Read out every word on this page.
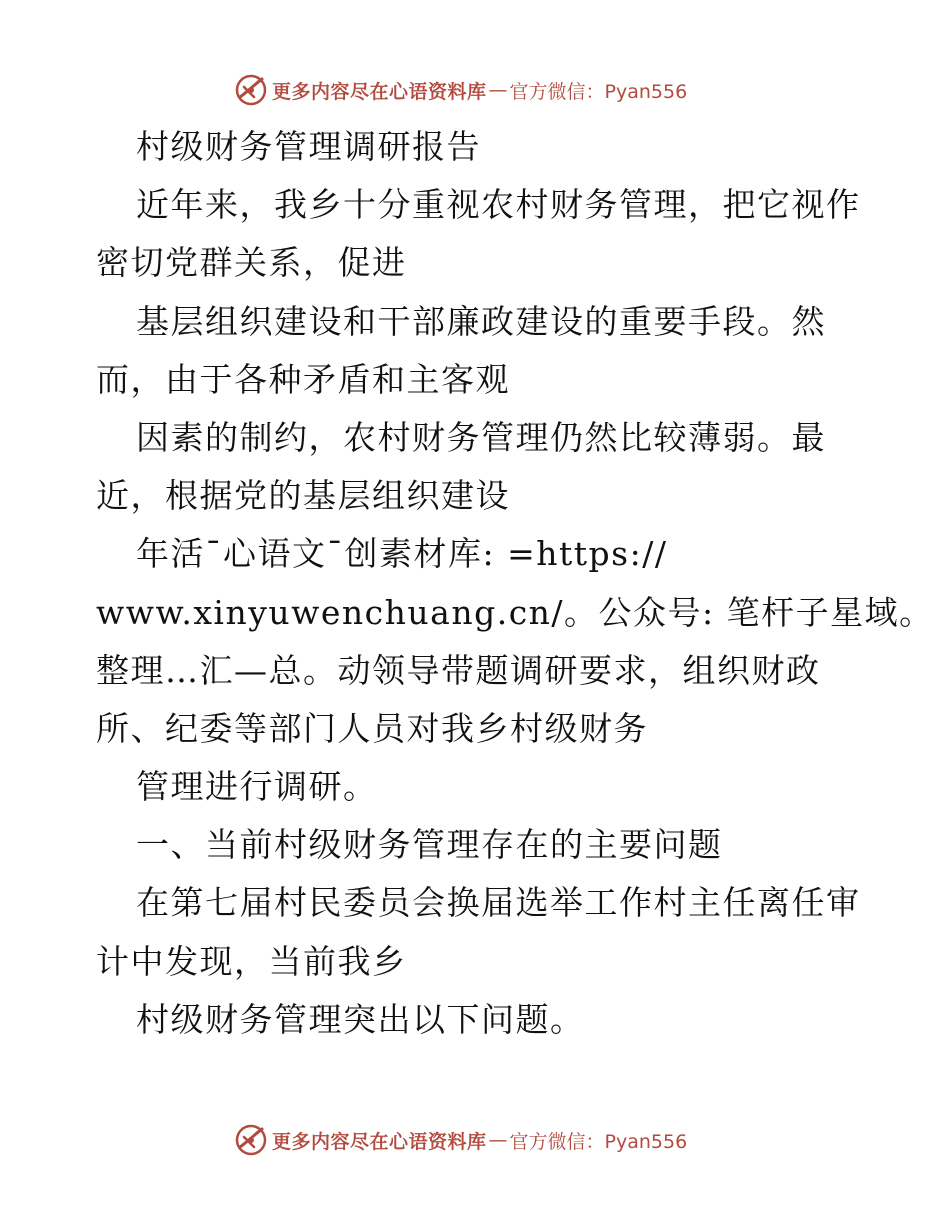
更多内容尽在心语资料库 — 官方微信：Pyan556
村级财务管理调研报告
近年来，我乡十分重视农村财务管理，把它视作
密切党群关系，促进
基层组织建设和干部廉政建设的重要手段。然
而，由于各种矛盾和主客观
因素的制约，农村财务管理仍然比较薄弱。最
近，根据党的基层组织建设
年活¯心语文¯创素材库: =https://
www.xinyuwenchuang.cn/。公众号: 笔杆子星域。
整理…汇—总。动领导带题调研要求，组织财政
所、纪委等部门人员对我乡村级财务
管理进行调研。
一、当前村级财务管理存在的主要问题
在第七届村民委员会换届选举工作村主任离任审
计中发现，当前我乡
村级财务管理突出以下问题。
更多内容尽在心语资料库 — 官方微信：Pyan556
